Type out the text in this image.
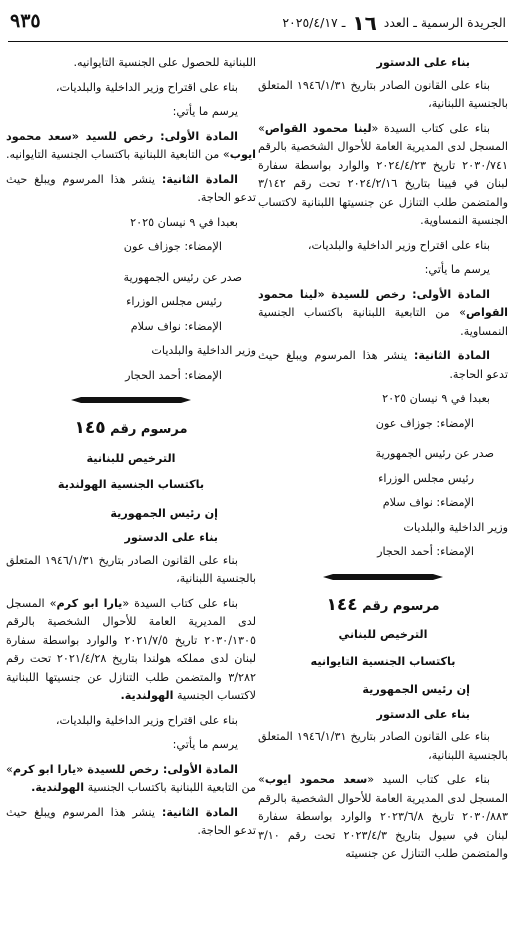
الجريدة الرسمية ـ العدد ١٦ ـ ٢٠٢٥/٤/١٧
٩٣٥

بناء على الدستور

بناء على القانون الصادر بتاريخ ١٩٤٦/١/٣١ المتعلق بالجنسية اللبنانية،

بناء على كتاب السيدة «لينا محمود القواص» المسجل لدى المديرية العامة للأحوال الشخصية بالرقم ٢٠٣٠/٧٤١ تاريخ ٢٠٢٤/٤/٢٣ والوارد بواسطة سفارة لبنان في فيينا بتاريخ ٢٠٢٤/٢/١٦ تحت رقم ٣/١٤٢ والمتضمن طلب التنازل عن جنسيتها اللبنانية لاكتساب الجنسية النمساوية.

بناء على اقتراح وزير الداخلية والبلديات،

يرسم ما يأتي:

المادة الأولى: رخص للسيدة «لينا محمود القواص» من التابعية اللبنانية باكتساب الجنسية النمساوية.

المادة الثانية: ينشر هذا المرسوم ويبلغ حيث تدعو الحاجة.

بعبدا في ٩ نيسان ٢٠٢٥

الإمضاء: جوزاف عون

صدر عن رئيس الجمهورية

رئيس مجلس الوزراء

الإمضاء: نواف سلام

وزير الداخلية والبلديات

الإمضاء: أحمد الحجار

مرسوم رقم ١٤٤

الترخيص للبناني

باكتساب الجنسية التايوانيه

إن رئيس الجمهورية

بناء على الدستور

بناء على القانون الصادر بتاريخ ١٩٤٦/١/٣١ المتعلق بالجنسية اللبنانية،

بناء على كتاب السيد «سعد محمود ايوب» المسجل لدى المديرية العامة للأحوال الشخصية بالرقم ٢٠٣٠/٨٨٣ تاريخ ٢٠٢٣/٦/٨ والوارد بواسطة سفارة لبنان في سيول بتاريخ ٢٠٢٣/٤/٣ تحت رقم ٣/١٠ والمتضمن طلب التنازل عن جنسيته

اللبنانية للحصول على الجنسية التايوانيه.

بناء على اقتراح وزير الداخلية والبلديات،

يرسم ما يأتي:

المادة الأولى: رخص للسيد «سعد محمود ايوب» من التابعية اللبنانية باكتساب الجنسية التايوانيه.

المادة الثانية: ينشر هذا المرسوم ويبلغ حيث تدعو الحاجة.

بعبدا في ٩ نيسان ٢٠٢٥

الإمضاء: جوزاف عون

صدر عن رئيس الجمهورية

رئيس مجلس الوزراء

الإمضاء: نواف سلام

وزير الداخلية والبلديات

الإمضاء: أحمد الحجار

مرسوم رقم ١٤٥

الترخيص للبنانية

باكتساب الجنسية الهولندية

إن رئيس الجمهورية

بناء على الدستور

بناء على القانون الصادر بتاريخ ١٩٤٦/١/٣١ المتعلق بالجنسية اللبنانية،

بناء على كتاب السيدة «يارا ابو كرم» المسجل لدى المديرية العامة للأحوال الشخصية بالرقم ٢٠٣٠/١٣٠٥ تاريخ ٢٠٢١/٧/٥ والوارد بواسطة سفارة لبنان لدى مملكه هولندا بتاريخ ٢٠٢١/٤/٢٨ تحت رقم ٣/٢٨٢ والمتضمن طلب التنازل عن جنسيتها اللبنانية لاكتساب الجنسية الهولندية.

بناء على اقتراح وزير الداخلية والبلديات،

يرسم ما يأتي:

المادة الأولى: رخص للسيدة «يارا ابو كرم» من التابعية اللبنانية باكتساب الجنسية الهولندية.

المادة الثانية: ينشر هذا المرسوم ويبلغ حيث تدعو الحاجة.
